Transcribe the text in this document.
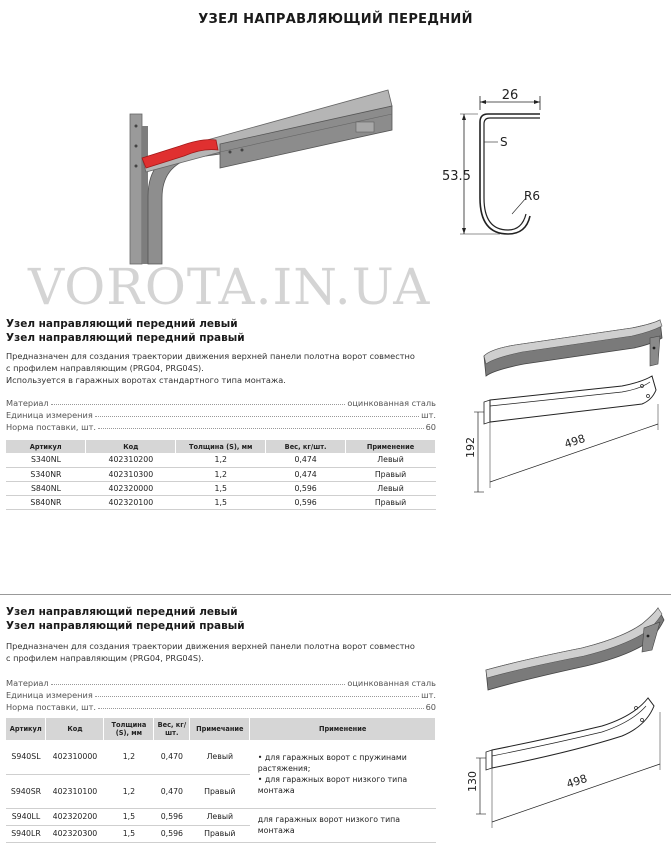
УЗЕЛ НАПРАВЛЯЮЩИЙ ПЕРЕДНИЙ
26
53.5
S
R6
VOROTA.IN.UA
Узел направляющий передний левый
Узел направляющий передний правый
Предназначен для создания траектории движения верхней панели полотна ворот совместно
с профилем направляющим (PRG04, PRG04S).
Используется в гаражных воротах стандартного типа монтажа.
Материал	оцинкованная сталь
Единица измерения	шт.
Норма поставки, шт.	60
Артикул	Код	Толщина (S), мм	Вес, кг/шт.	Применение
S340NL	402310200	1,2	0,474	Левый
S340NR	402310300	1,2	0,474	Правый
S840NL	402320000	1,5	0,596	Левый
S840NR	402320100	1,5	0,596	Правый
192	498
Узел направляющий передний левый
Узел направляющий передний правый
Предназначен для создания траектории движения верхней панели полотна ворот совместно
с профилем направляющим (PRG04, PRG04S).
Материал	оцинкованная сталь
Единица измерения	шт.
Норма поставки, шт.	60
Артикул	Код	Толщина (S), мм	Вес, кг/шт.	Примечание	Применение
S940SL	402310000	1,2	0,470	Левый	• для гаражных ворот с пружинами растяжения;
• для гаражных ворот низкого типа монтажа

S940SR	402310100	1,2	0,470	Правый	
S940LL	402320200	1,5	0,596	Левый	для гаражных ворот низкого типа монтажа
S940LR	402320300	1,5	0,596	Правый	
130	498
